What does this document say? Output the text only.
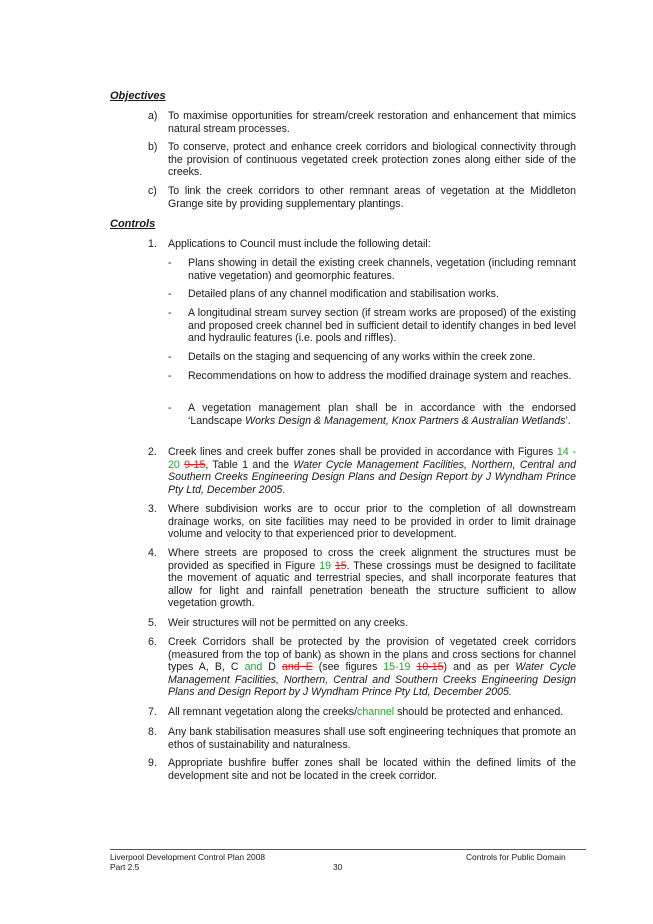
Objectives
a) To maximise opportunities for stream/creek restoration and enhancement that mimics natural stream processes.
b) To conserve, protect and enhance creek corridors and biological connectivity through the provision of continuous vegetated creek protection zones along either side of the creeks.
c)	To link the creek corridors to other remnant areas of vegetation at the Middleton Grange site by providing supplementary plantings.
Controls
1.	Applications to Council must include the following detail:
-	Plans showing in detail the existing creek channels, vegetation (including remnant native vegetation) and geomorphic features.
-	Detailed plans of any channel modification and stabilisation works.
-	A longitudinal stream survey section (if stream works are proposed) of the existing and proposed creek channel bed in sufficient detail to identify changes in bed level and hydraulic features (i.e. pools and riffles).
-	Details on the staging and sequencing of any works within the creek zone.
-	Recommendations on how to address the modified drainage system and reaches.
-	A vegetation management plan shall be in accordance with the endorsed ‘Landscape Works Design & Management, Knox Partners & Australian Wetlands’.
2.	Creek lines and creek buffer zones shall be provided in accordance with Figures 14 - 20 9-15, Table 1 and the Water Cycle Management Facilities, Northern, Central and Southern Creeks Engineering Design Plans and Design Report by J Wyndham Prince Pty Ltd, December 2005.
3.	Where subdivision works are to occur prior to the completion of all downstream drainage works, on site facilities may need to be provided in order to limit drainage volume and velocity to that experienced prior to development.
4.	Where streets are proposed to cross the creek alignment the structures must be provided as specified in Figure 19 15. These crossings must be designed to facilitate the movement of aquatic and terrestrial species, and shall incorporate features that allow for light and rainfall penetration beneath the structure sufficient to allow vegetation growth.
5.	Weir structures will not be permitted on any creeks.
6.	Creek Corridors shall be protected by the provision of vegetated creek corridors (measured from the top of bank) as shown in the plans and cross sections for channel types A, B, C and D and E (see figures 15-19 10-15) and as per Water Cycle Management Facilities, Northern, Central and Southern Creeks Engineering Design Plans and Design Report by J Wyndham Prince Pty Ltd, December 2005.
7.	All remnant vegetation along the creeks/channel should be protected and enhanced.
8.	Any bank stabilisation measures shall use soft engineering techniques that promote an ethos of sustainability and naturalness.
9.	Appropriate bushfire buffer zones shall be located within the defined limits of the development site and not be located in the creek corridor.
Liverpool Development Control Plan 2008
Part 2.5	30
Controls for Public Domain
